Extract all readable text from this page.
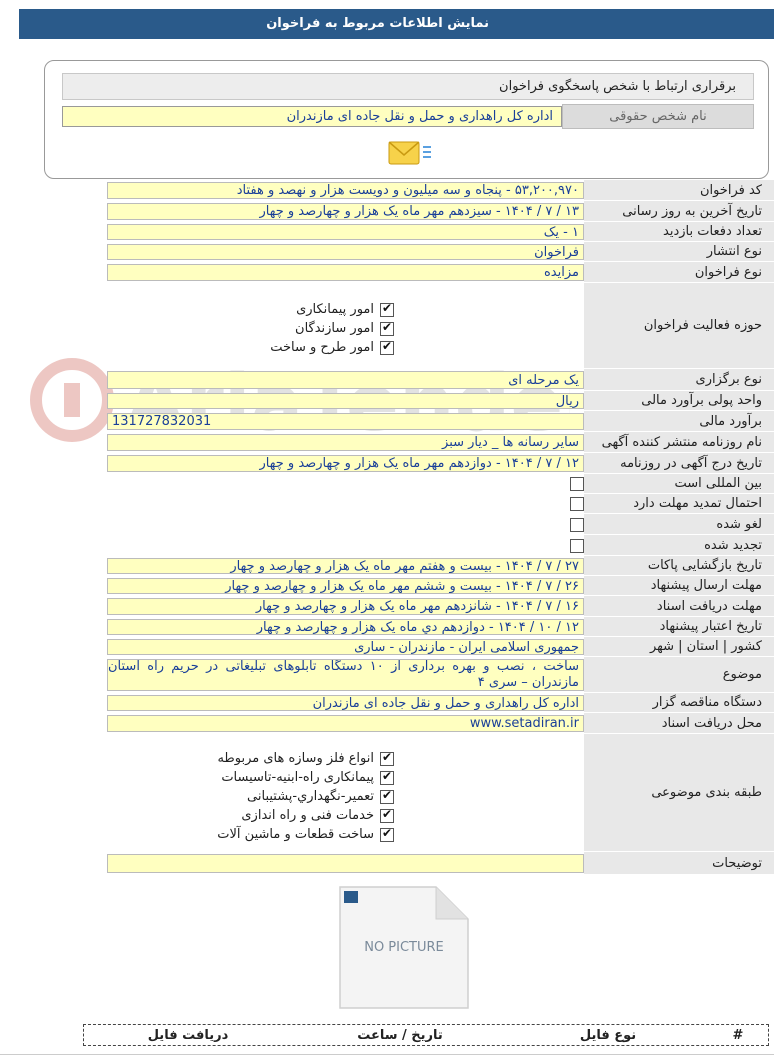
نمایش اطلاعات مربوط به فراخوان
برقراری ارتباط با شخص پاسخگوی فراخوان
نام شخص حقوقی
اداره کل راهداری و حمل و نقل جاده ای مازندران
کد فراخوان
۵۳,۲۰۰,۹۷۰ - پنجاه و سه میلیون و دویست هزار و نهصد و هفتاد
تاریخ آخرین به روز رسانی
۱۳ / ۷ / ۱۴۰۴ - سیزدهم مهر ماه یک هزار و چهارصد و چهار
تعداد دفعات بازدید
۱ - یک
نوع انتشار
فراخوان
نوع فراخوان
مزایده
حوزه فعالیت فراخوان
✔
امور پیمانکاری
✔
امور سازندگان
✔
امور طرح و ساخت
نوع برگزاری
یک مرحله ای
واحد پولی برآورد مالی
ریال
برآورد مالی
131727832031
نام روزنامه منتشر کننده آگهی
سایر رسانه ها _ دیار سبز
تاریخ درج آگهی در روزنامه
۱۲ / ۷ / ۱۴۰۴ - دوازدهم مهر ماه یک هزار و چهارصد و چهار
بین المللی است
احتمال تمدید مهلت دارد
لغو شده
تجدید شده
تاریخ بازگشایی پاکات
۲۷ / ۷ / ۱۴۰۴ - بیست و هفتم مهر ماه یک هزار و چهارصد و چهار
مهلت ارسال پیشنهاد
۲۶ / ۷ / ۱۴۰۴ - بیست و ششم مهر ماه یک هزار و چهارصد و چهار
مهلت دریافت اسناد
۱۶ / ۷ / ۱۴۰۴ - شانزدهم مهر ماه یک هزار و چهارصد و چهار
تاریخ اعتبار پیشنهاد
۱۲ / ۱۰ / ۱۴۰۴ - دوازدهم دي ماه یک هزار و چهارصد و چهار
کشور | استان | شهر
جمهوری اسلامی ایران - مازندران - ساری
موضوع
ساخت ، نصب و بهره برداری از ۱۰ دستگاه تابلوهای تبلیغاتی در حریم راه استان مازندران – سری ۴
دستگاه مناقصه گزار
اداره کل راهداری و حمل و نقل جاده ای مازندران
محل دریافت اسناد
www.setadiran.ir
طبقه بندی موضوعی
✔
انواع فلز وسازه های مربوطه
✔
پیمانکاری راه-ابنیه-تاسیسات
✔
تعمیر-نگهداري-پشتیبانی
✔
خدمات فنی و راه اندازی
✔
ساخت قطعات و ماشین آلات
توضیحات
NO PICTURE
#
نوع فایل
تاریخ / ساعت
دریافت فایل
